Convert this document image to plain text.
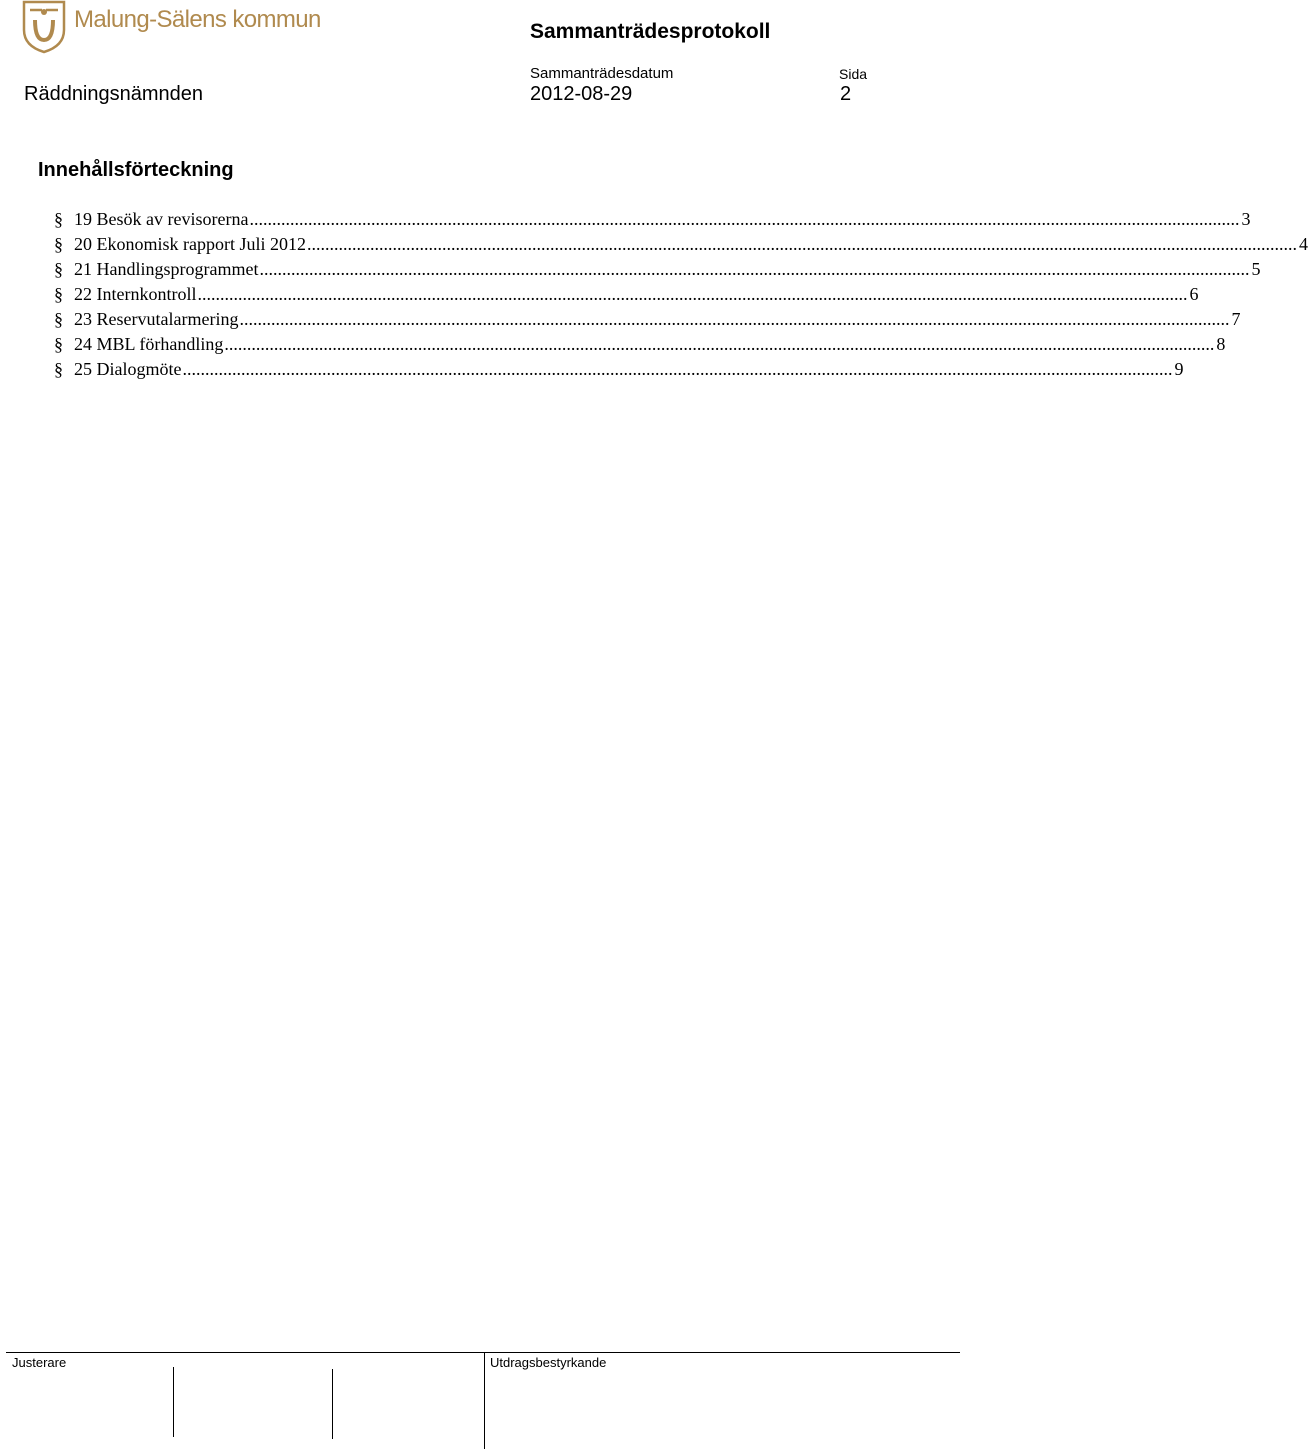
Malung-Sälens kommun	Sammanträdesprotokoll
Räddningsnämnden
Sammanträdesdatum
2012-08-29
Sida
2
Innehållsförteckning
§ 19 Besök av revisorerna ............................................................................................................................................................................................................................ 3
§ 20 Ekonomisk rapport Juli 2012 ............................................................................................................................................................................................................................ 4
§ 21 Handlingsprogrammet ............................................................................................................................................................................................................................ 5
§ 22 Internkontroll ............................................................................................................................................................................................................................ 6
§ 23 Reservutalarmering ............................................................................................................................................................................................................................ 7
§ 24 MBL förhandling ............................................................................................................................................................................................................................ 8
§ 25 Dialogmöte ............................................................................................................................................................................................................................ 9
Justerare	Utdragsbestyrkande
